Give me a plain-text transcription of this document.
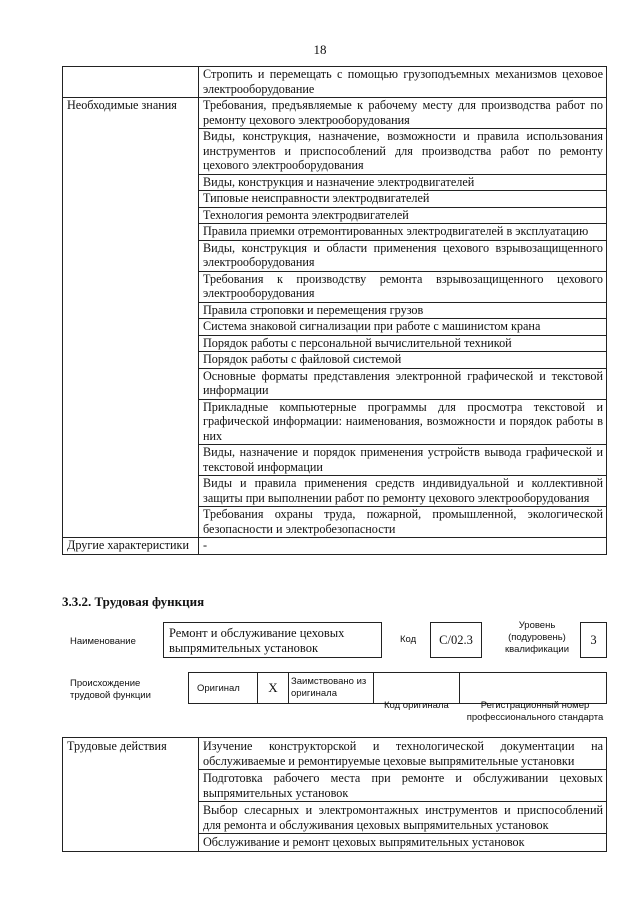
18
	Стропить и перемещать с помощью грузоподъемных механизмов цеховое электрооборудование
Необходимые знания	Требования, предъявляемые к рабочему месту для производства работ по ремонту цехового электрооборудования
	Виды, конструкция, назначение, возможности и правила использования инструментов и приспособлений для производства работ по ремонту цехового электрооборудования
	Виды, конструкция и назначение электродвигателей
	Типовые неисправности электродвигателей
	Технология ремонта электродвигателей
	Правила приемки отремонтированных электродвигателей в эксплуатацию
	Виды, конструкция и области применения цехового взрывозащищенного электрооборудования
	Требования к производству ремонта взрывозащищенного цехового электрооборудования
	Правила строповки и перемещения грузов
	Система знаковой сигнализации при работе с машинистом крана
	Порядок работы с персональной вычислительной техникой
	Порядок работы с файловой системой
	Основные форматы представления электронной графической и текстовой информации
	Прикладные компьютерные программы для просмотра текстовой и графической информации: наименования, возможности и порядок работы в них
	Виды, назначение и порядок применения устройств вывода графической и текстовой информации
	Виды и правила применения средств индивидуальной и коллективной защиты при выполнении работ по ремонту цехового электрооборудования
	Требования охраны труда, пожарной, промышленной, экологической безопасности и электробезопасности
Другие характеристики	-
3.3.2. Трудовая функция
Наименование
Ремонт и обслуживание цеховых выпрямительных установок
Код	С/02.3
Уровень (подуровень) квалификации
3
Происхождение трудовой функции
Оригинал	X	Заимствовано из оригинала
Код оригинала	Регистрационный номер профессионального стандарта
Трудовые действия	Изучение конструкторской и технологической документации на обслуживаемые и ремонтируемые цеховые выпрямительные установки
Подготовка рабочего места при ремонте и обслуживании цеховых выпрямительных установок
Выбор слесарных и электромонтажных инструментов и приспособлений для ремонта и обслуживания цеховых выпрямительных установок
Обслуживание и ремонт цеховых выпрямительных установок
